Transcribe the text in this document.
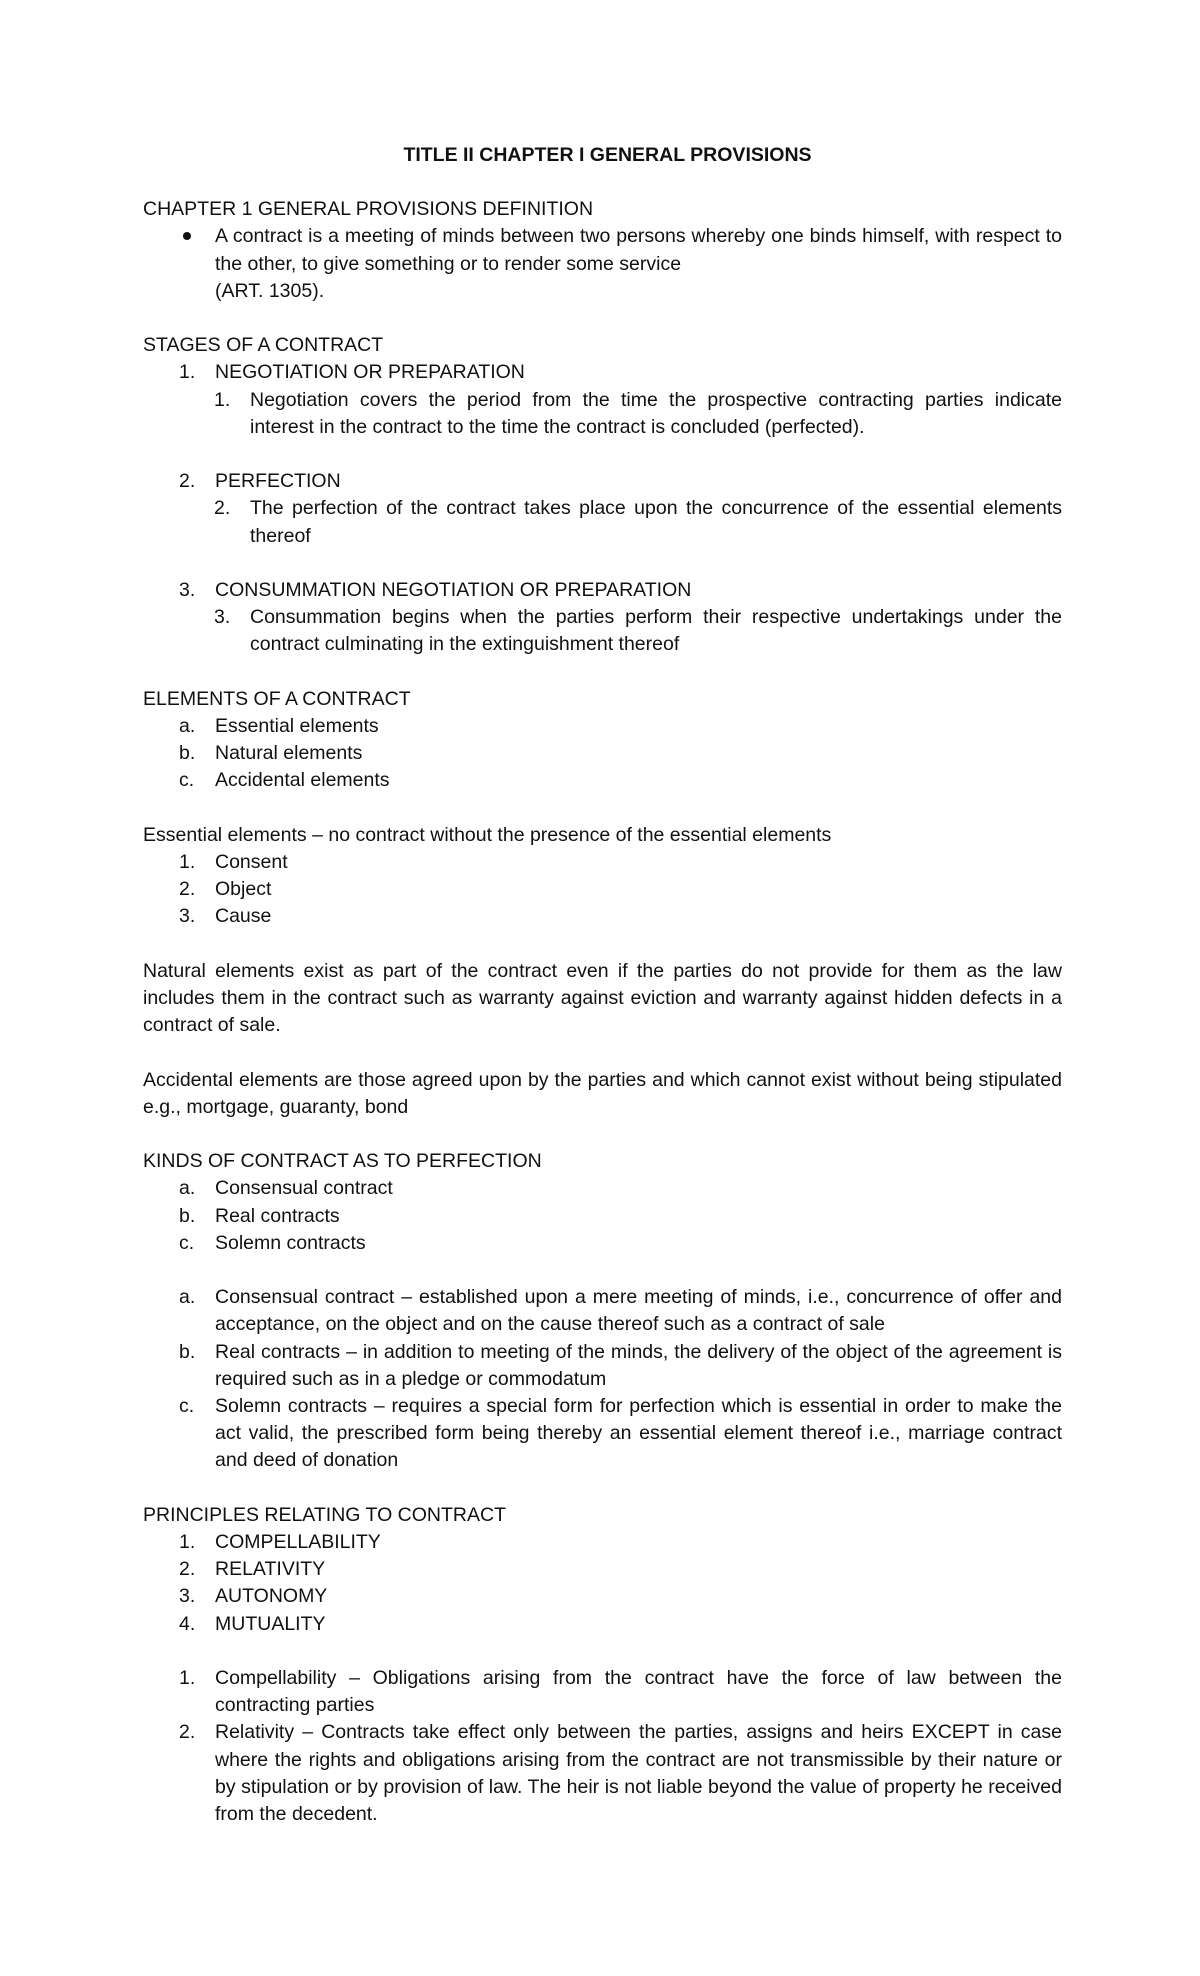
TITLE II CHAPTER I GENERAL PROVISIONS

CHAPTER 1 GENERAL PROVISIONS DEFINITION

A contract is a meeting of minds between two persons whereby one binds himself, with respect to the other, to give something or to render some service
(ART. 1305).

STAGES OF A CONTRACT

1.	NEGOTIATION OR PREPARATION
1.	Negotiation covers the period from the time the prospective contracting parties indicate interest in the contract to the time the contract is concluded (perfected).
2.	PERFECTION
2.	The perfection of the contract takes place upon the concurrence of the essential elements thereof
3.	CONSUMMATION NEGOTIATION OR PREPARATION
3.	Consummation begins when the parties perform their respective undertakings under the contract culminating in the extinguishment thereof

ELEMENTS OF A CONTRACT

a.	Essential elements
b.	Natural elements
c.	Accidental elements

Essential elements – no contract without the presence of the essential elements

1.	Consent
2.	Object
3.	Cause

Natural elements exist as part of the contract even if the parties do not provide for them as the law includes them in the contract such as warranty against eviction and warranty against hidden defects in a contract of sale.

Accidental elements are those agreed upon by the parties and which cannot exist without being stipulated e.g., mortgage, guaranty, bond

KINDS OF CONTRACT AS TO PERFECTION

a.	Consensual contract
b.	Real contracts
c.	Solemn contracts
a.	Consensual contract – established upon a mere meeting of minds, i.e., concurrence of offer and acceptance, on the object and on the cause thereof such as a contract of sale
b.	Real contracts – in addition to meeting of the minds, the delivery of the object of the agreement is required such as in a pledge or commodatum
c.	Solemn contracts – requires a special form for perfection which is essential in order to make the act valid, the prescribed form being thereby an essential element thereof i.e., marriage contract and deed of donation

PRINCIPLES RELATING TO CONTRACT

1.	COMPELLABILITY
2.	RELATIVITY
3.	AUTONOMY
4.	MUTUALITY
1.	Compellability – Obligations arising from the contract have the force of law between the contracting parties
2.	Relativity – Contracts take effect only between the parties, assigns and heirs EXCEPT in case where the rights and obligations arising from the contract are not transmissible by their nature or by stipulation or by provision of law. The heir is not liable beyond the value of property he received from the decedent.
